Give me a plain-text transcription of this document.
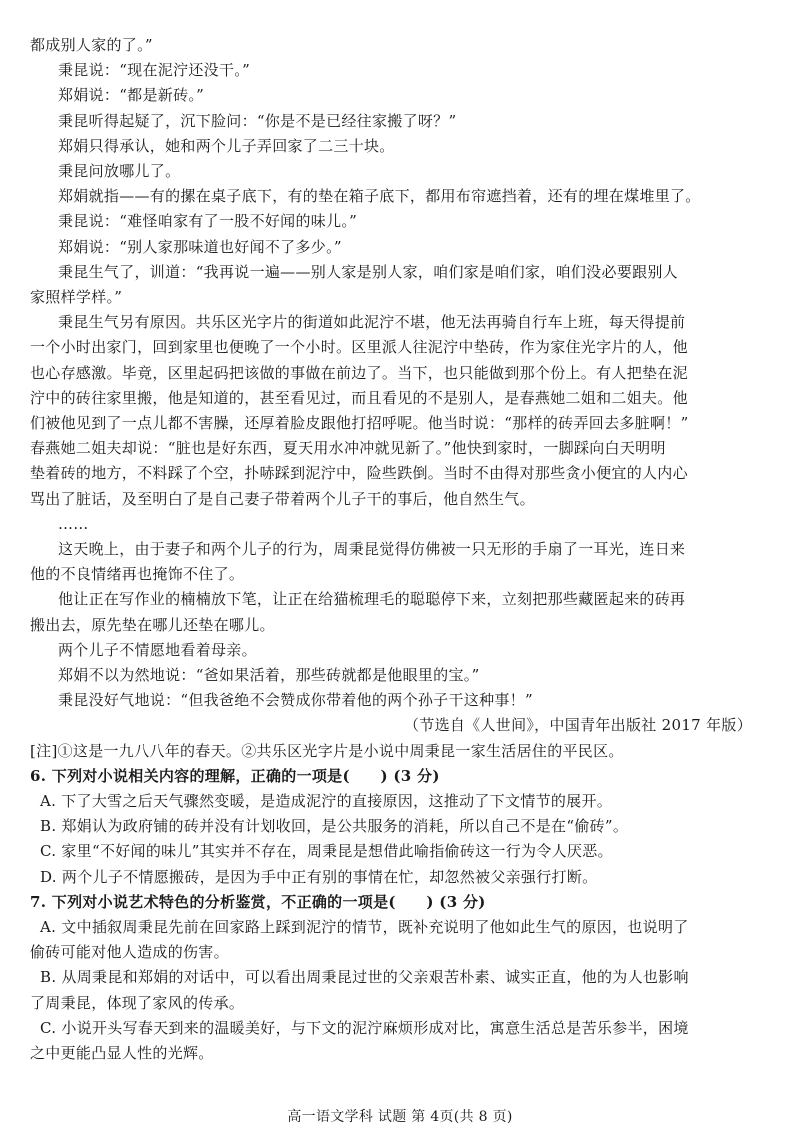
都成别人家的了。”
秉昆说：“现在泥泞还没干。”
郑娟说：“都是新砖。”
秉昆听得起疑了，沉下脸问：“你是不是已经往家搬了呀？”
郑娟只得承认，她和两个儿子弄回家了二三十块。
秉昆问放哪儿了。
郑娟就指——有的摞在桌子底下，有的垫在箱子底下，都用布帘遮挡着，还有的埋在煤堆里了。
秉昆说：“难怪咱家有了一股不好闻的味儿。”
郑娟说：“别人家那味道也好闻不了多少。”
秉昆生气了，训道：“我再说一遍——别人家是别人家，咱们家是咱们家，咱们没必要跟别人
家照样学样。”
秉昆生气另有原因。共乐区光字片的街道如此泥泞不堪，他无法再骑自行车上班，每天得提前
一个小时出家门，回到家里也便晚了一个小时。区里派人往泥泞中垫砖，作为家住光字片的人，他
也心存感激。毕竟，区里起码把该做的事做在前边了。当下，也只能做到那个份上。有人把垫在泥
泞中的砖往家里搬，他是知道的，甚至看见过，而且看见的不是别人，是春燕她二姐和二姐夫。他
们被他见到了一点儿都不害臊，还厚着脸皮跟他打招呼呢。他当时说：“那样的砖弄回去多脏啊！”
春燕她二姐夫却说：“脏也是好东西，夏天用水冲冲就见新了。”他快到家时，一脚踩向白天明明
垫着砖的地方，不料踩了个空，扑哧踩到泥泞中，险些跌倒。当时不由得对那些贪小便宜的人内心
骂出了脏话，及至明白了是自己妻子带着两个儿子干的事后，他自然生气。
……
这天晚上，由于妻子和两个儿子的行为，周秉昆觉得仿佛被一只无形的手扇了一耳光，连日来
他的不良情绪再也掩饰不住了。
他让正在写作业的楠楠放下笔，让正在给猫梳理毛的聪聪停下来，立刻把那些藏匿起来的砖再
搬出去，原先垫在哪儿还垫在哪儿。
两个儿子不情愿地看着母亲。
郑娟不以为然地说：“爸如果活着，那些砖就都是他眼里的宝。”
秉昆没好气地说：“但我爸绝不会赞成你带着他的两个孙子干这种事！”
（节选自《人世间》，中国青年出版社 2017 年版）
[注]①这是一九八八年的春天。②共乐区光字片是小说中周秉昆一家生活居住的平民区。
6. 下列对小说相关内容的理解，正确的一项是(　　) (3 分)
A. 下了大雪之后天气骤然变暖，是造成泥泞的直接原因，这推动了下文情节的展开。
B. 郑娟认为政府铺的砖并没有计划收回，是公共服务的消耗，所以自己不是在“偷砖”。
C. 家里“不好闻的味儿”其实并不存在，周秉昆是想借此喻指偷砖这一行为令人厌恶。
D. 两个儿子不情愿搬砖，是因为手中正有别的事情在忙，却忽然被父亲强行打断。
7. 下列对小说艺术特色的分析鉴赏，不正确的一项是(　　) (3 分)
A. 文中插叙周秉昆先前在回家路上踩到泥泞的情节，既补充说明了他如此生气的原因，也说明了
偷砖可能对他人造成的伤害。
B. 从周秉昆和郑娟的对话中，可以看出周秉昆过世的父亲艰苦朴素、诚实正直，他的为人也影响
了周秉昆，体现了家风的传承。
C. 小说开头写春天到来的温暖美好，与下文的泥泞麻烦形成对比，寓意生活总是苦乐参半，困境
之中更能凸显人性的光辉。
高一语文学科 试题 第 4页(共 8 页)
